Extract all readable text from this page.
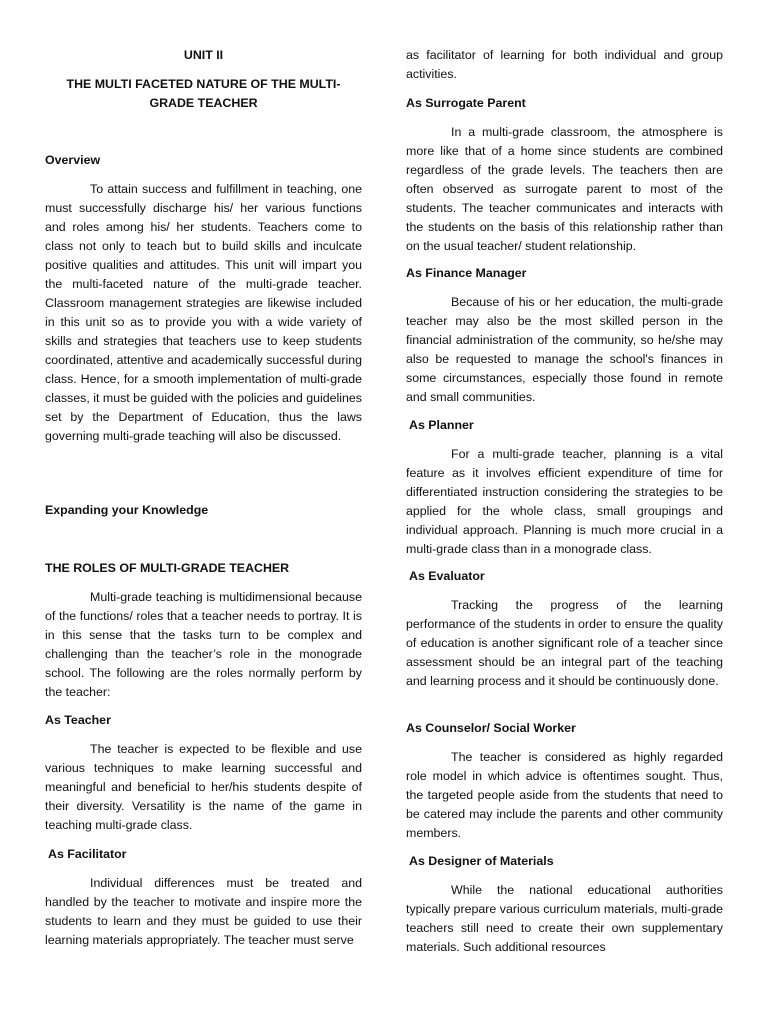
UNIT II

THE MULTI FACETED NATURE OF THE MULTI-GRADE TEACHER

Overview

To attain success and fulfillment in teaching, one must successfully discharge his/ her various functions and roles among his/ her students. Teachers come to class not only to teach but to build skills and inculcate positive qualities and attitudes. This unit will impart you the multi-faceted nature of the multi-grade teacher. Classroom management strategies are likewise included in this unit so as to provide you with a wide variety of skills and strategies that teachers use to keep students coordinated, attentive and academically successful during class. Hence, for a smooth implementation of multi-grade classes, it must be guided with the policies and guidelines set by the Department of Education, thus the laws governing multi-grade teaching will also be discussed.

Expanding your Knowledge

THE ROLES OF MULTI-GRADE TEACHER

Multi-grade teaching is multidimensional because of the functions/ roles that a teacher needs to portray. It is in this sense that the tasks turn to be complex and challenging than the teacher’s role in the monograde school. The following are the roles normally perform by the teacher:

As Teacher

The teacher is expected to be flexible and use various techniques to make learning successful and meaningful and beneficial to her/his students despite of their diversity. Versatility is the name of the game in teaching multi-grade class.

As Facilitator

Individual differences must be treated and handled by the teacher to motivate and inspire more the students to learn and they must be guided to use their learning materials appropriately. The teacher must serve

as facilitator of learning for both individual and group activities.

As Surrogate Parent

In a multi-grade classroom, the atmosphere is more like that of a home since students are combined regardless of the grade levels. The teachers then are often observed as surrogate parent to most of the students. The teacher communicates and interacts with the students on the basis of this relationship rather than on the usual teacher/ student relationship.

As Finance Manager

Because of his or her education, the multi-grade teacher may also be the most skilled person in the financial administration of the community, so he/she may also be requested to manage the school's finances in some circumstances, especially those found in remote and small communities.

As Planner

For a multi-grade teacher, planning is a vital feature as it involves efficient expenditure of time for differentiated instruction considering the strategies to be applied for the whole class, small groupings and individual approach. Planning is much more crucial in a multi-grade class than in a monograde class.

As Evaluator

Tracking the progress of the learning performance of the students in order to ensure the quality of education is another significant role of a teacher since assessment should be an integral part of the teaching and learning process and it should be continuously done.

As Counselor/ Social Worker

The teacher is considered as highly regarded role model in which advice is oftentimes sought. Thus, the targeted people aside from the students that need to be catered may include the parents and other community members.

As Designer of Materials

While the national educational authorities typically prepare various curriculum materials, multi-grade teachers still need to create their own supplementary materials. Such additional resources
